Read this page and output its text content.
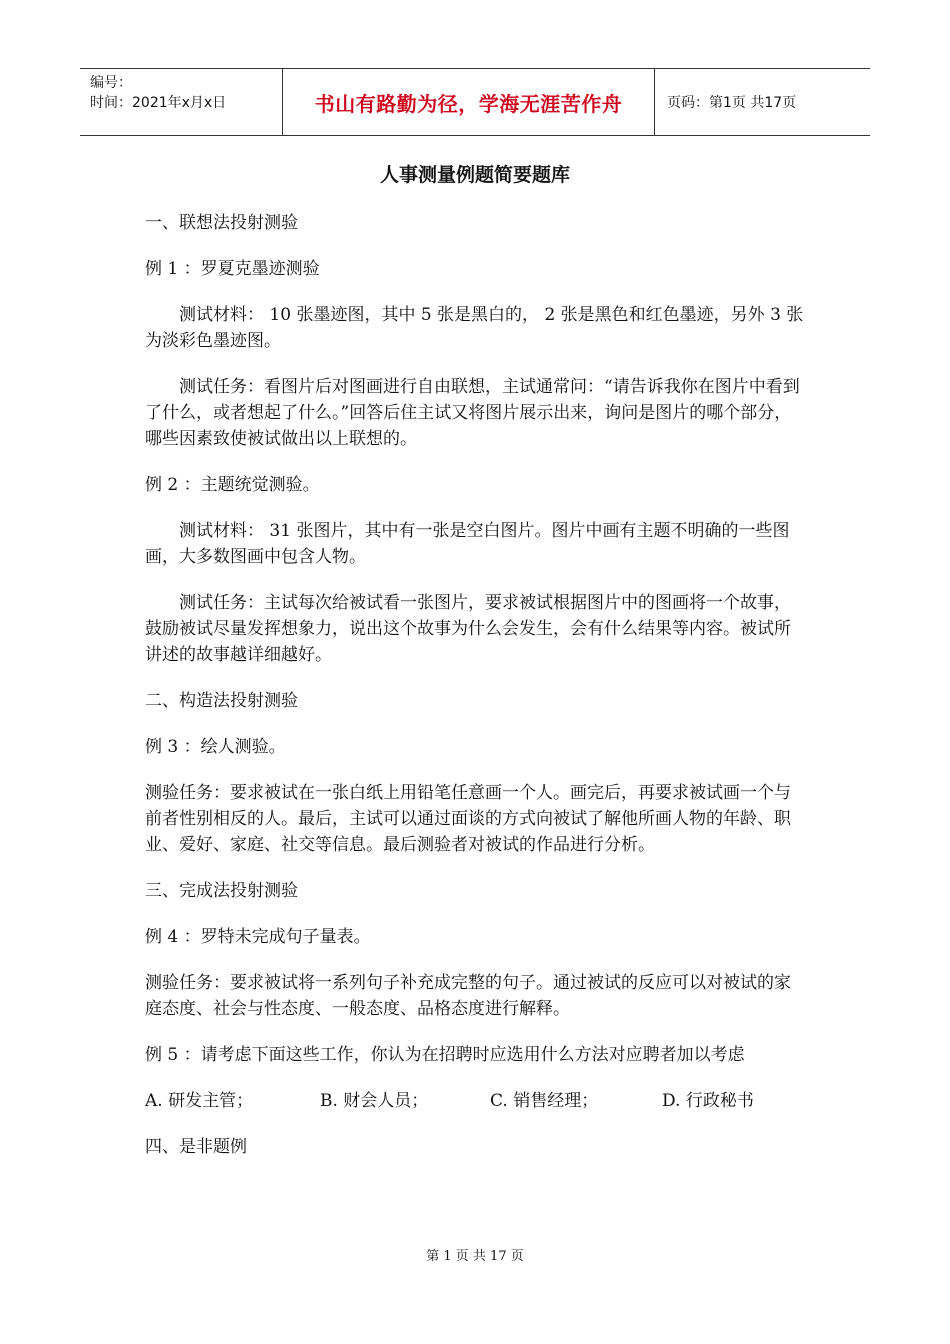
编号：
时间：2021年x月x日	书山有路勤为径，学海无涯苦作舟	页码：第1页 共17页
人事测量例题简要题库

一、联想法投射测验

例 1 ：罗夏克墨迹测验

测试材料： 10 张墨迹图，其中 5 张是黑白的， 2 张是黑色和红色墨迹，另外 3 张为淡彩色墨迹图。

测试任务：看图片后对图画进行自由联想，主试通常问：“请告诉我你在图片中看到了什么，或者想起了什么。”回答后住主试又将图片展示出来，询问是图片的哪个部分，哪些因素致使被试做出以上联想的。

例 2 ：主题统觉测验。

测试材料： 31 张图片，其中有一张是空白图片。图片中画有主题不明确的一些图画，大多数图画中包含人物。

测试任务：主试每次给被试看一张图片，要求被试根据图片中的图画将一个故事，鼓励被试尽量发挥想象力，说出这个故事为什么会发生，会有什么结果等内容。被试所讲述的故事越详细越好。

二、构造法投射测验

例 3 ：绘人测验。

测验任务：要求被试在一张白纸上用铅笔任意画一个人。画完后，再要求被试画一个与前者性别相反的人。最后，主试可以通过面谈的方式向被试了解他所画人物的年龄、职业、爱好、家庭、社交等信息。最后测验者对被试的作品进行分析。

三、完成法投射测验

例 4 ：罗特未完成句子量表。

测验任务：要求被试将一系列句子补充成完整的句子。通过被试的反应可以对被试的家庭态度、社会与性态度、一般态度、品格态度进行解释。

例 5 ：请考虑下面这些工作，你认为在招聘时应选用什么方法对应聘者加以考虑

A. 研发主管；	B. 财会人员；	C. 销售经理；	D. 行政秘书

四、是非题例

第 1 页 共 17 页
